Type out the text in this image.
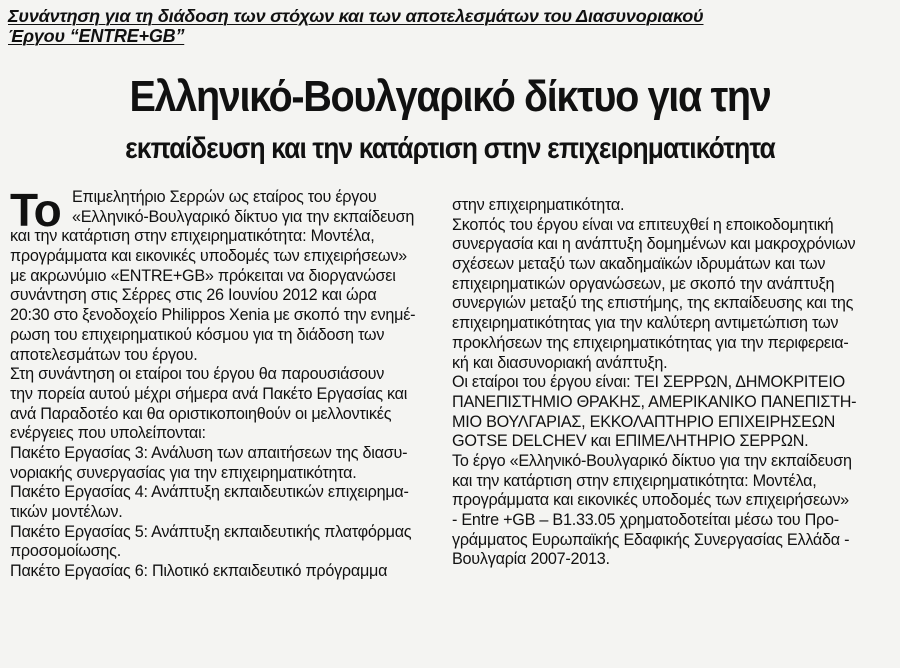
Συνάντηση για τη διάδοση των στόχων και των αποτελεσμάτων του Διασυνοριακού
Έργου “ENTRE+GB”
Ελληνικό-Βουλγαρικό δίκτυο για την
εκπαίδευση και την κατάρτιση στην επιχειρηματικότητα
Το Επιμελητήριο Σερρών ως εταίρος του έργου
«Ελληνικό-Βουλγαρικό δίκτυο για την εκπαίδευση
και την κατάρτιση στην επιχειρηματικότητα: Μοντέλα,
προγράμματα και εικονικές υποδομές των επιχειρήσεων»
με ακρωνύμιο «ENTRE+GB» πρόκειται να διοργανώσει
συνάντηση στις Σέρρες στις 26 Ιουνίου 2012 και ώρα
20:30 στο ξενοδοχείο Philippos Xenia με σκοπό την ενημέ-
ρωση του επιχειρηματικού κόσμου για τη διάδοση των
αποτελεσμάτων του έργου.
Στη συνάντηση οι εταίροι του έργου θα παρουσιάσουν
την πορεία αυτού μέχρι σήμερα ανά Πακέτο Εργασίας και
ανά Παραδοτέο και θα οριστικοποιηθούν οι μελλοντικές
ενέργειες που υπολείπονται:
Πακέτο Εργασίας 3: Ανάλυση των απαιτήσεων της διασυ-
νοριακής συνεργασίας για την επιχειρηματικότητα.
Πακέτο Εργασίας 4: Ανάπτυξη εκπαιδευτικών επιχειρημα-
τικών μοντέλων.
Πακέτο Εργασίας 5: Ανάπτυξη εκπαιδευτικής πλατφόρμας
προσομοίωσης.
Πακέτο Εργασίας 6: Πιλοτικό εκπαιδευτικό πρόγραμμα
στην επιχειρηματικότητα.
Σκοπός του έργου είναι να επιτευχθεί η εποικοδομητική
συνεργασία και η ανάπτυξη δομημένων και μακροχρόνιων
σχέσεων μεταξύ των ακαδημαϊκών ιδρυμάτων και των
επιχειρηματικών οργανώσεων, με σκοπό την ανάπτυξη
συνεργιών μεταξύ της επιστήμης, της εκπαίδευσης και της
επιχειρηματικότητας για την καλύτερη αντιμετώπιση των
προκλήσεων της επιχειρηματικότητας για την περιφερεια-
κή και διασυνοριακή ανάπτυξη.
Οι εταίροι του έργου είναι: ΤΕΙ ΣΕΡΡΩΝ, ΔΗΜΟΚΡΙΤΕΙΟ
ΠΑΝΕΠΙΣΤΗΜΙΟ ΘΡΑΚΗΣ, ΑΜΕΡΙΚΑΝΙΚΟ ΠΑΝΕΠΙΣΤΗ-
ΜΙΟ ΒΟΥΛΓΑΡΙΑΣ, ΕΚΚΟΛΑΠΤΗΡΙΟ ΕΠΙΧΕΙΡΗΣΕΩΝ
GOTSE DELCHEV και ΕΠΙΜΕΛΗΤΗΡΙΟ ΣΕΡΡΩΝ.
Το έργο «Ελληνικό-Βουλγαρικό δίκτυο για την εκπαίδευση
και την κατάρτιση στην επιχειρηματικότητα: Μοντέλα,
προγράμματα και εικονικές υποδομές των επιχειρήσεων»
- Entre +GB – Β1.33.05 χρηματοδοτείται μέσω του Προ-
γράμματος Ευρωπαϊκής Εδαφικής Συνεργασίας Ελλάδα -
Βουλγαρία 2007-2013.
